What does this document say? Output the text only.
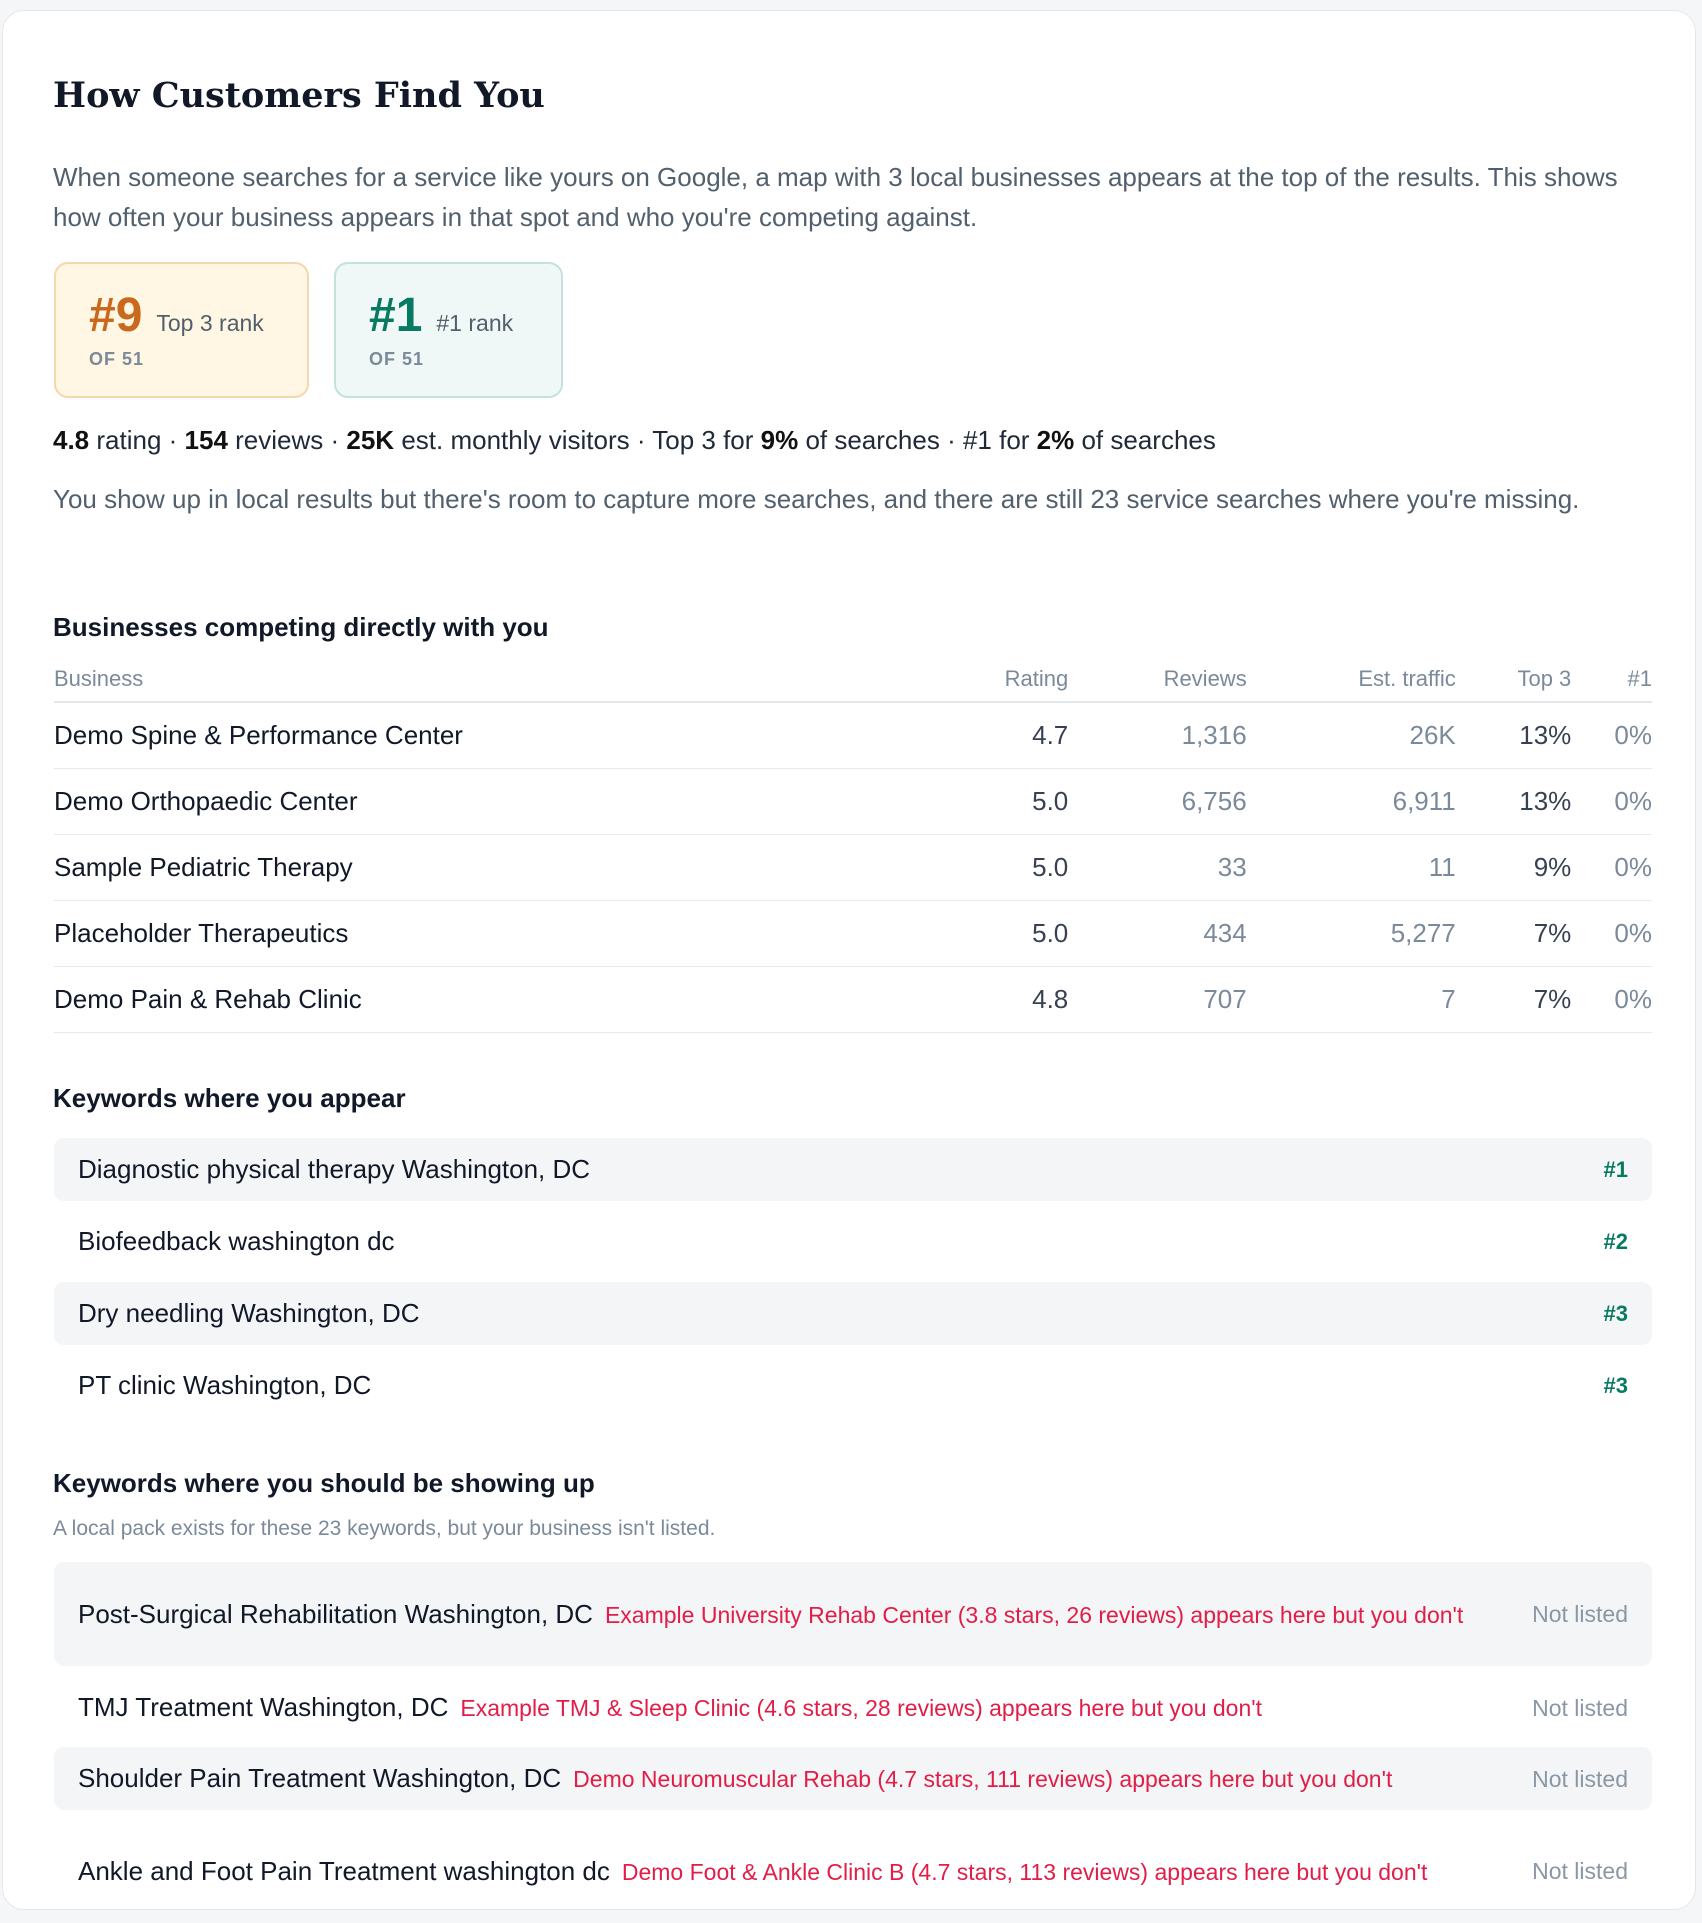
How Customers Find You

When someone searches for a service like yours on Google, a map with 3 local businesses appears at the top of the results. This shows how often your business appears in that spot and who you're competing against.

#9 Top 3 rank
OF 51
#1 #1 rank
OF 51

4.8 rating · 154 reviews · 25K est. monthly visitors · Top 3 for 9% of searches · #1 for 2% of searches

You show up in local results but there's room to capture more searches, and there are still 23 service searches where you're missing.

Businesses competing directly with you
Business	Rating	Reviews	Est. traffic	Top 3	#1
Demo Spine & Performance Center	4.7	1,316	26K	13%	0%
Demo Orthopaedic Center	5.0	6,756	6,911	13%	0%
Sample Pediatric Therapy	5.0	33	11	9%	0%
Placeholder Therapeutics	5.0	434	5,277	7%	0%
Demo Pain & Rehab Clinic	4.8	707	7	7%	0%
Keywords where you appear
Diagnostic physical therapy Washington, DC	#1
Biofeedback washington dc	#2
Dry needling Washington, DC	#3
PT clinic Washington, DC	#3
Keywords where you should be showing up
A local pack exists for these 23 keywords, but your business isn't listed.
Post-Surgical Rehabilitation Washington, DC Example University Rehab Center (3.8 stars, 26 reviews) appears here but you don't	Not listed
TMJ Treatment Washington, DC Example TMJ & Sleep Clinic (4.6 stars, 28 reviews) appears here but you don't	Not listed
Shoulder Pain Treatment Washington, DC Demo Neuromuscular Rehab (4.7 stars, 111 reviews) appears here but you don't	Not listed
Ankle and Foot Pain Treatment washington dc Demo Foot & Ankle Clinic B (4.7 stars, 113 reviews) appears here but you don't	Not listed
